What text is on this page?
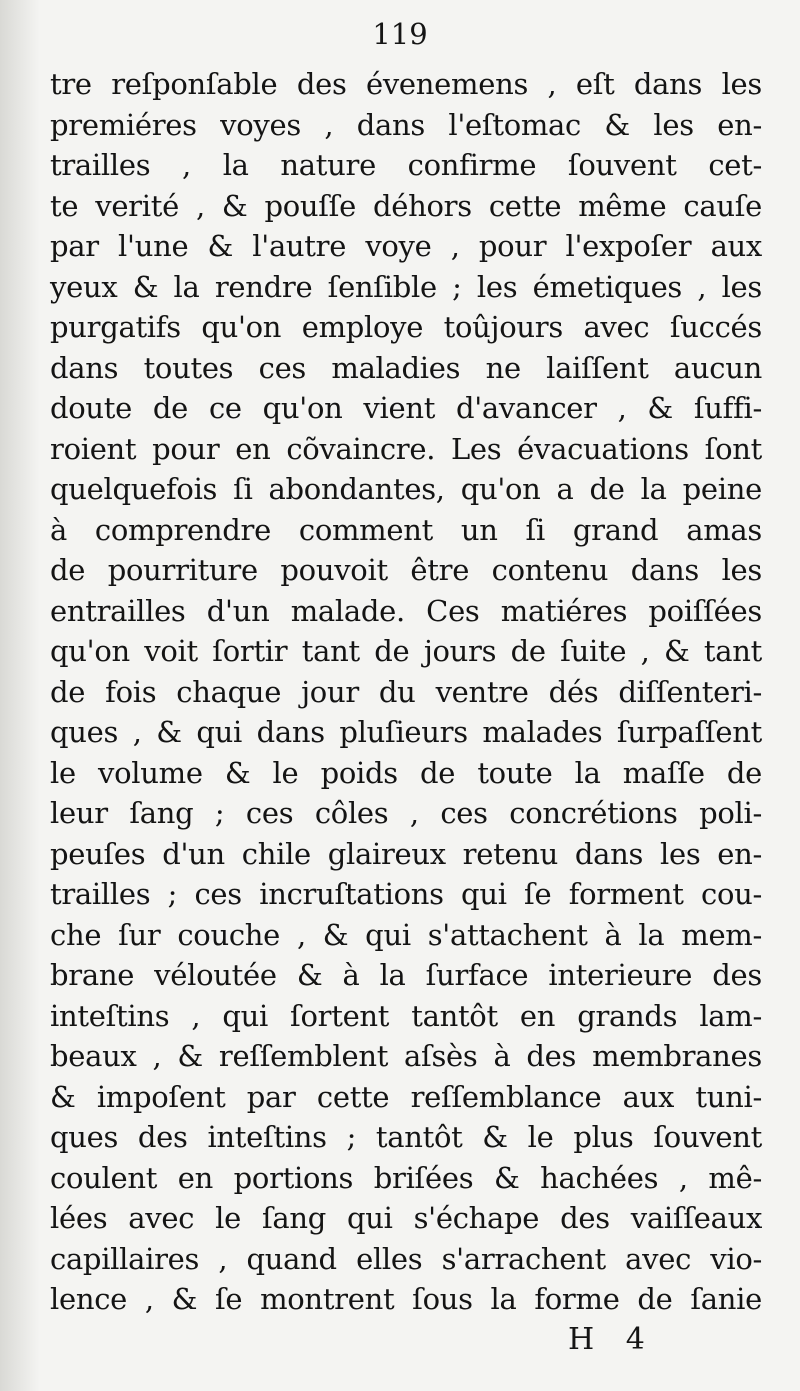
119
tre reſponſable des évenemens , eſt dans les
premiéres voyes , dans l'eſtomac & les en-
trailles , la nature confirme ſouvent cet-
te verité , & pouſſe déhors cette même cauſe
par l'une & l'autre voye , pour l'expoſer aux
yeux & la rendre ſenſible ; les émetiques , les
purgatifs qu'on employe toûjours avec ſuccés
dans toutes ces maladies ne laiſſent aucun
doute de ce qu'on vient d'avancer , & ſuffi-
roient pour en cõvaincre. Les évacuations ſont
quelquefois ſi abondantes, qu'on a de la peine
à comprendre comment un ſi grand amas
de pourriture pouvoit être contenu dans les
entrailles d'un malade. Ces matiéres poiſſées
qu'on voit ſortir tant de jours de ſuite , & tant
de fois chaque jour du ventre dés diſſenteri-
ques , & qui dans pluſieurs malades ſurpaſſent
le volume & le poids de toute la maſſe de
leur ſang ; ces côles , ces concrétions poli-
peuſes d'un chile glaireux retenu dans les en-
trailles ; ces incruſtations qui ſe forment cou-
che ſur couche , & qui s'attachent à la mem-
brane véloutée & à la ſurface interieure des
inteſtins , qui ſortent tantôt en grands lam-
beaux , & reſſemblent aſsès à des membranes
& impoſent par cette reſſemblance aux tuni-
ques des inteſtins ; tantôt & le plus ſouvent
coulent en portions briſées & hachées , mê-
lées avec le ſang qui s'échape des vaiſſeaux
capillaires , quand elles s'arrachent avec vio-
lence , & ſe montrent ſous la forme de ſanie
H 4
